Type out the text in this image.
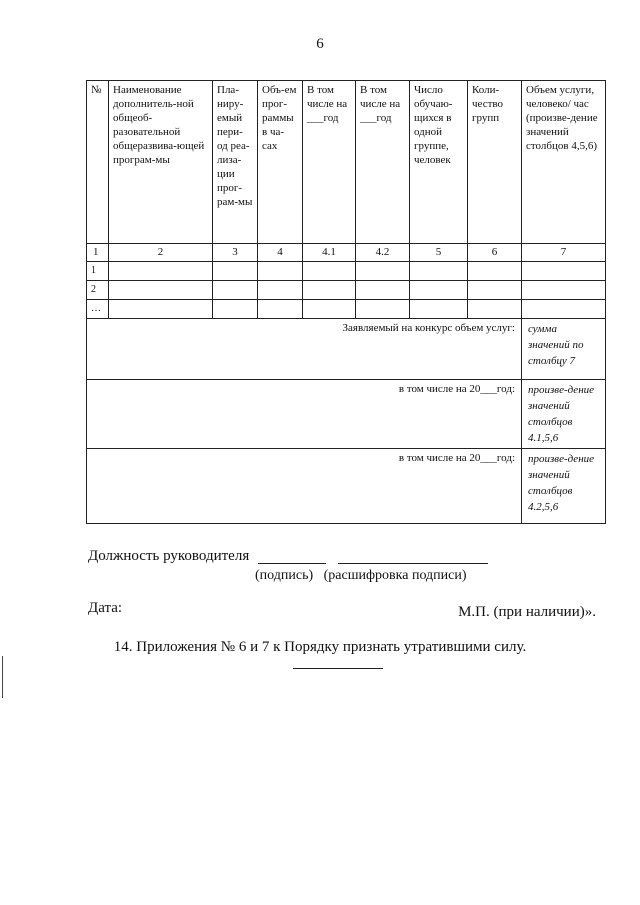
6
№	Наименование дополнитель-ной общеоб-разовательной общеразвива-ющей програм-мы	Пла-ниру-емый пери-од реа-лиза-ции прог-рам-мы	Объ-ем прог-раммы в ча-сах	В том числе на ___год	В том числе на ___год	Число обучаю-щихся в одной группе, человек	Коли-чество групп	Объем услуги, человеко/ час (произве-дение значений столбцов 4,5,6)
1	2	3	4	4.1	4.2	5	6	7
1								
2								
…								
Заявляемый на конкурс объем услуг:								сумма значений по столбцу 7
в том числе на 20___год:								произве-дение значений столбцов 4.1,5,6
в том числе на 20___год:								произве-дение значений столбцов 4.2,5,6
Должность руководителя
(подпись) (расшифровка подписи)
Дата:	М.П. (при наличии)».
14. Приложения № 6 и 7 к Порядку признать утратившими силу.
